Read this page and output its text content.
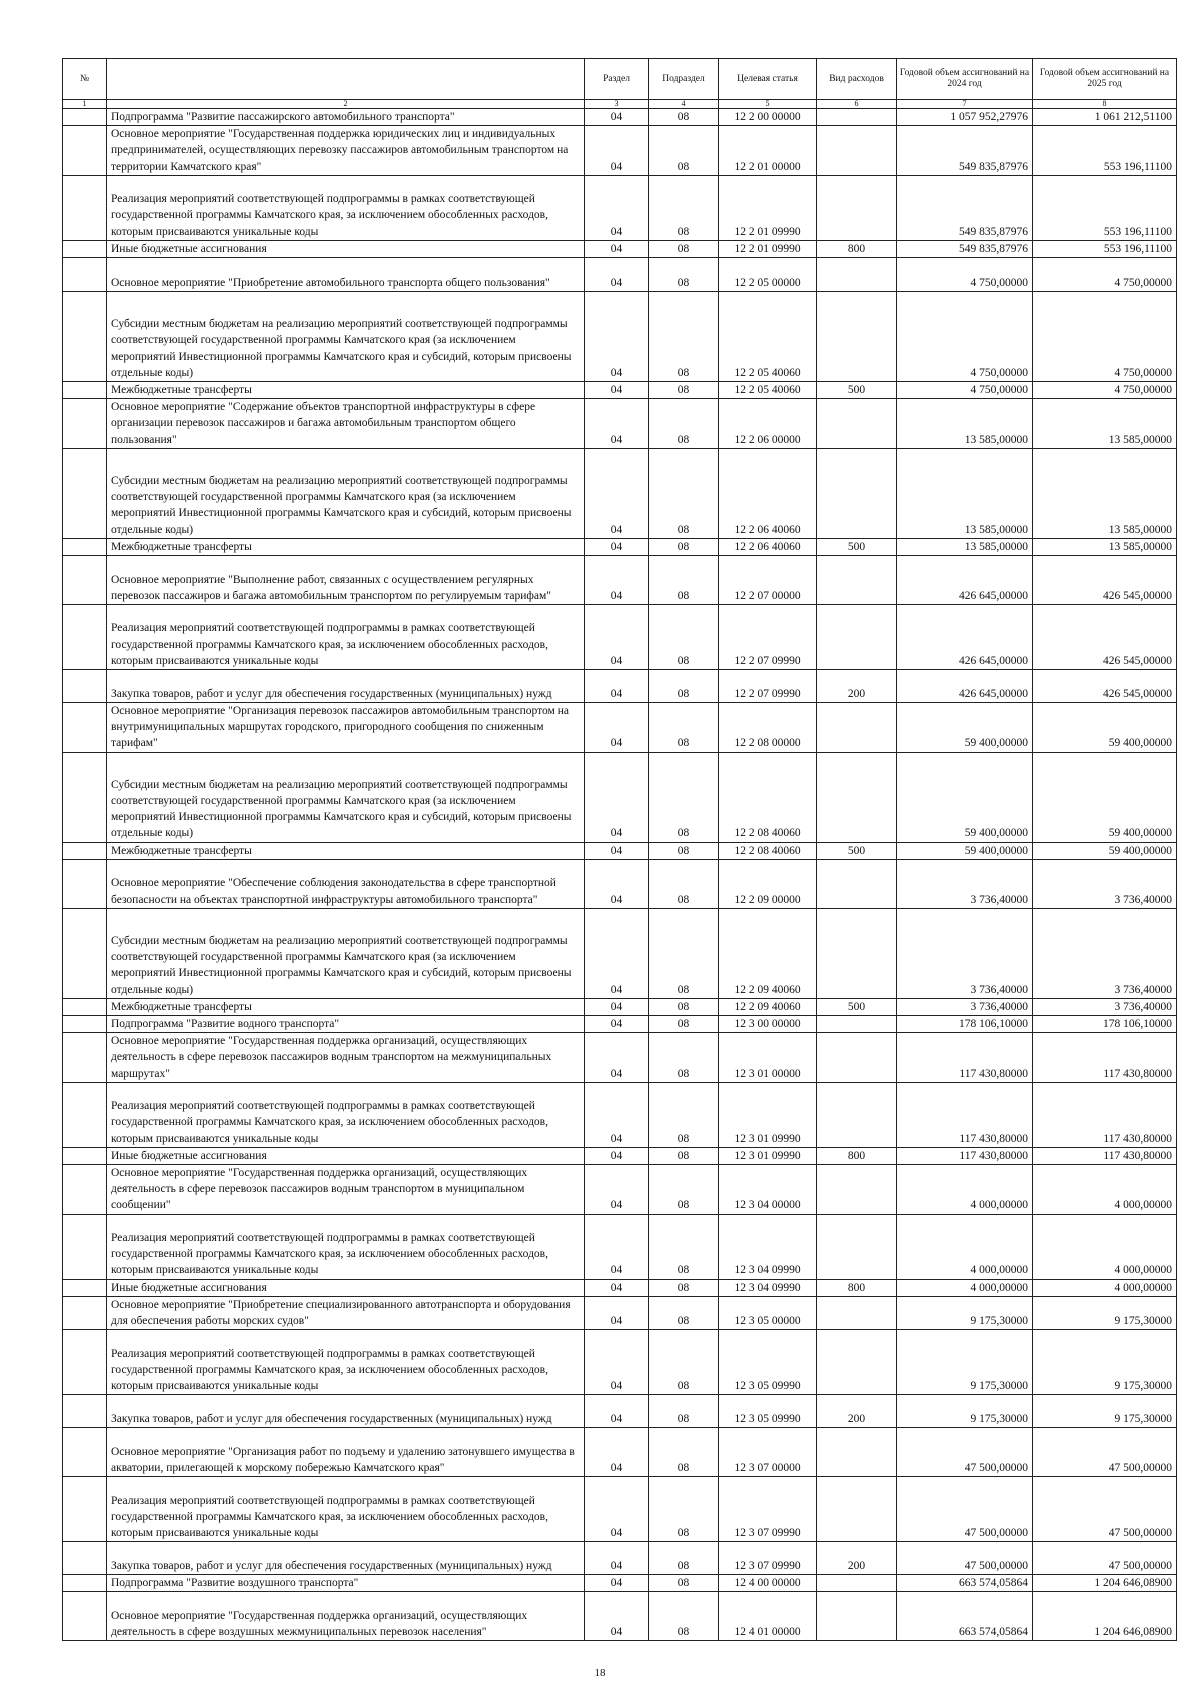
№		Раздел	Подраздел	Целевая статья	Вид расходов	Годовой объем ассигнований на 2024 год	Годовой объем ассигнований на 2025 год
1	2	3	4	5	6	7	8
	Подпрограмма "Развитие пассажирского автомобильного транспорта"	04	08	12 2 00 00000		1 057 952,27976	1 061 212,51100
	Основное мероприятие "Государственная поддержка юридических лиц и индивидуальных предпринимателей, осуществляющих перевозку пассажиров автомобильным транспортом на территории Камчатского края"	04	08	12 2 01 00000		549 835,87976	553 196,11100
	Реализация мероприятий соответствующей подпрограммы в рамках соответствующей государственной программы Камчатского края, за исключением обособленных расходов, которым присваиваются уникальные коды	04	08	12 2 01 09990		549 835,87976	553 196,11100
	Иные бюджетные ассигнования	04	08	12 2 01 09990	800	549 835,87976	553 196,11100
	Основное мероприятие "Приобретение автомобильного транспорта общего пользования"	04	08	12 2 05 00000		4 750,00000	4 750,00000
	Субсидии местным бюджетам на реализацию мероприятий соответствующей подпрограммы соответствующей государственной программы Камчатского края (за исключением мероприятий Инвестиционной программы Камчатского края и субсидий, которым присвоены отдельные коды)	04	08	12 2 05 40060		4 750,00000	4 750,00000
	Межбюджетные трансферты	04	08	12 2 05 40060	500	4 750,00000	4 750,00000
	Основное мероприятие "Содержание объектов транспортной инфраструктуры в сфере организации перевозок пассажиров и багажа автомобильным транспортом общего пользования"	04	08	12 2 06 00000		13 585,00000	13 585,00000
	Субсидии местным бюджетам на реализацию мероприятий соответствующей подпрограммы соответствующей государственной программы Камчатского края (за исключением мероприятий Инвестиционной программы Камчатского края и субсидий, которым присвоены отдельные коды)	04	08	12 2 06 40060		13 585,00000	13 585,00000
	Межбюджетные трансферты	04	08	12 2 06 40060	500	13 585,00000	13 585,00000
	Основное мероприятие "Выполнение работ, связанных с осуществлением регулярных перевозок пассажиров и багажа автомобильным транспортом по регулируемым тарифам"	04	08	12 2 07 00000		426 645,00000	426 545,00000
	Реализация мероприятий соответствующей подпрограммы в рамках соответствующей государственной программы Камчатского края, за исключением обособленных расходов, которым присваиваются уникальные коды	04	08	12 2 07 09990		426 645,00000	426 545,00000
	Закупка товаров, работ и услуг для обеспечения государственных (муниципальных) нужд	04	08	12 2 07 09990	200	426 645,00000	426 545,00000
	Основное мероприятие "Организация перевозок пассажиров автомобильным транспортом на внутримуниципальных маршрутах городского, пригородного сообщения по сниженным тарифам"	04	08	12 2 08 00000		59 400,00000	59 400,00000
	Субсидии местным бюджетам на реализацию мероприятий соответствующей подпрограммы соответствующей государственной программы Камчатского края (за исключением мероприятий Инвестиционной программы Камчатского края и субсидий, которым присвоены отдельные коды)	04	08	12 2 08 40060		59 400,00000	59 400,00000
	Межбюджетные трансферты	04	08	12 2 08 40060	500	59 400,00000	59 400,00000
	Основное мероприятие "Обеспечение соблюдения законодательства в сфере транспортной безопасности на объектах транспортной инфраструктуры автомобильного транспорта"	04	08	12 2 09 00000		3 736,40000	3 736,40000
	Субсидии местным бюджетам на реализацию мероприятий соответствующей подпрограммы соответствующей государственной программы Камчатского края (за исключением мероприятий Инвестиционной программы Камчатского края и субсидий, которым присвоены отдельные коды)	04	08	12 2 09 40060		3 736,40000	3 736,40000
	Межбюджетные трансферты	04	08	12 2 09 40060	500	3 736,40000	3 736,40000
	Подпрограмма "Развитие водного транспорта"	04	08	12 3 00 00000		178 106,10000	178 106,10000
	Основное мероприятие "Государственная поддержка организаций, осуществляющих деятельность в сфере перевозок пассажиров водным транспортом на межмуниципальных маршрутах"	04	08	12 3 01 00000		117 430,80000	117 430,80000
	Реализация мероприятий соответствующей подпрограммы в рамках соответствующей государственной программы Камчатского края, за исключением обособленных расходов, которым присваиваются уникальные коды	04	08	12 3 01 09990		117 430,80000	117 430,80000
	Иные бюджетные ассигнования	04	08	12 3 01 09990	800	117 430,80000	117 430,80000
	Основное мероприятие "Государственная поддержка организаций, осуществляющих деятельность в сфере перевозок пассажиров водным транспортом в муниципальном сообщении"	04	08	12 3 04 00000		4 000,00000	4 000,00000
	Реализация мероприятий соответствующей подпрограммы в рамках соответствующей государственной программы Камчатского края, за исключением обособленных расходов, которым присваиваются уникальные коды	04	08	12 3 04 09990		4 000,00000	4 000,00000
	Иные бюджетные ассигнования	04	08	12 3 04 09990	800	4 000,00000	4 000,00000
	Основное мероприятие "Приобретение специализированного автотранспорта и оборудования для обеспечения работы морских судов"	04	08	12 3 05 00000		9 175,30000	9 175,30000
	Реализация мероприятий соответствующей подпрограммы в рамках соответствующей государственной программы Камчатского края, за исключением обособленных расходов, которым присваиваются уникальные коды	04	08	12 3 05 09990		9 175,30000	9 175,30000
	Закупка товаров, работ и услуг для обеспечения государственных (муниципальных) нужд	04	08	12 3 05 09990	200	9 175,30000	9 175,30000
	Основное мероприятие "Организация работ по подъему и удалению затонувшего имущества в акватории, прилегающей к морскому побережью Камчатского края"	04	08	12 3 07 00000		47 500,00000	47 500,00000
	Реализация мероприятий соответствующей подпрограммы в рамках соответствующей государственной программы Камчатского края, за исключением обособленных расходов, которым присваиваются уникальные коды	04	08	12 3 07 09990		47 500,00000	47 500,00000
	Закупка товаров, работ и услуг для обеспечения государственных (муниципальных) нужд	04	08	12 3 07 09990	200	47 500,00000	47 500,00000
	Подпрограмма "Развитие воздушного транспорта"	04	08	12 4 00 00000		663 574,05864	1 204 646,08900
	Основное мероприятие "Государственная поддержка организаций, осуществляющих деятельность в сфере воздушных межмуниципальных перевозок населения"	04	08	12 4 01 00000		663 574,05864	1 204 646,08900
18
